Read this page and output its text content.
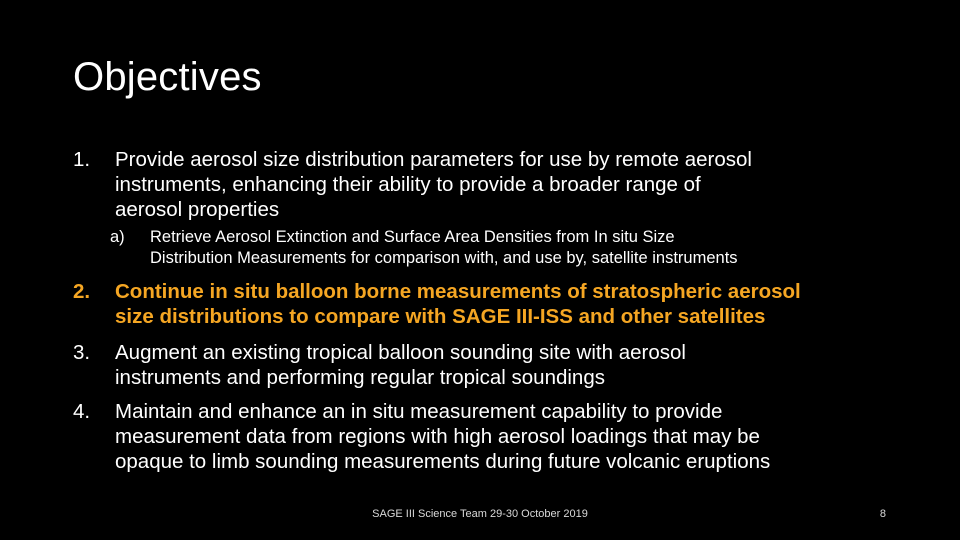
Objectives
1. Provide aerosol size distribution parameters for use by remote aerosol
instruments, enhancing their ability to provide a broader range of
aerosol properties
a) Retrieve Aerosol Extinction and Surface Area Densities from In situ Size
Distribution Measurements for comparison with, and use by, satellite instruments
2. Continue in situ balloon borne measurements of stratospheric aerosol
size distributions to compare with SAGE III-ISS and other satellites
3. Augment an existing tropical balloon sounding site with aerosol
instruments and performing regular tropical soundings
4. Maintain and enhance an in situ measurement capability to provide
measurement data from regions with high aerosol loadings that may be
opaque to limb sounding measurements during future volcanic eruptions
SAGE III Science Team 29-30 October 2019	8
